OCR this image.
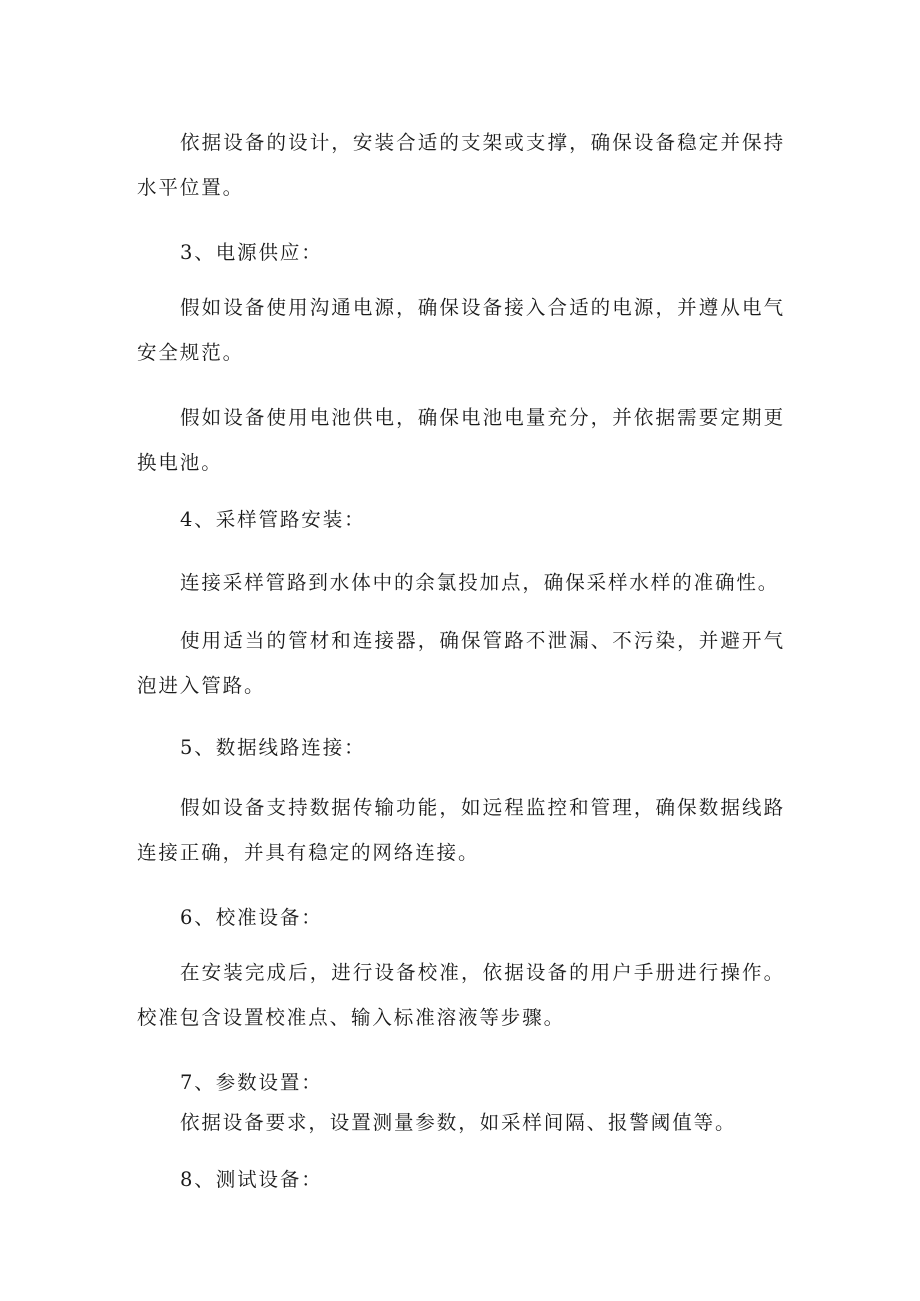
依据设备的设计，安装合适的支架或支撑，确保设备稳定并保持水平位置。

3、电源供应：

假如设备使用沟通电源，确保设备接入合适的电源，并遵从电气安全规范。

假如设备使用电池供电，确保电池电量充分，并依据需要定期更换电池。

4、采样管路安装：

连接采样管路到水体中的余氯投加点，确保采样水样的准确性。

使用适当的管材和连接器，确保管路不泄漏、不污染，并避开气泡进入管路。

5、数据线路连接：

假如设备支持数据传输功能，如远程监控和管理，确保数据线路连接正确，并具有稳定的网络连接。

6、校准设备：

在安装完成后，进行设备校准，依据设备的用户手册进行操作。校准包含设置校准点、输入标准溶液等步骤。

7、参数设置：

依据设备要求，设置测量参数，如采样间隔、报警阈值等。

8、测试设备：
